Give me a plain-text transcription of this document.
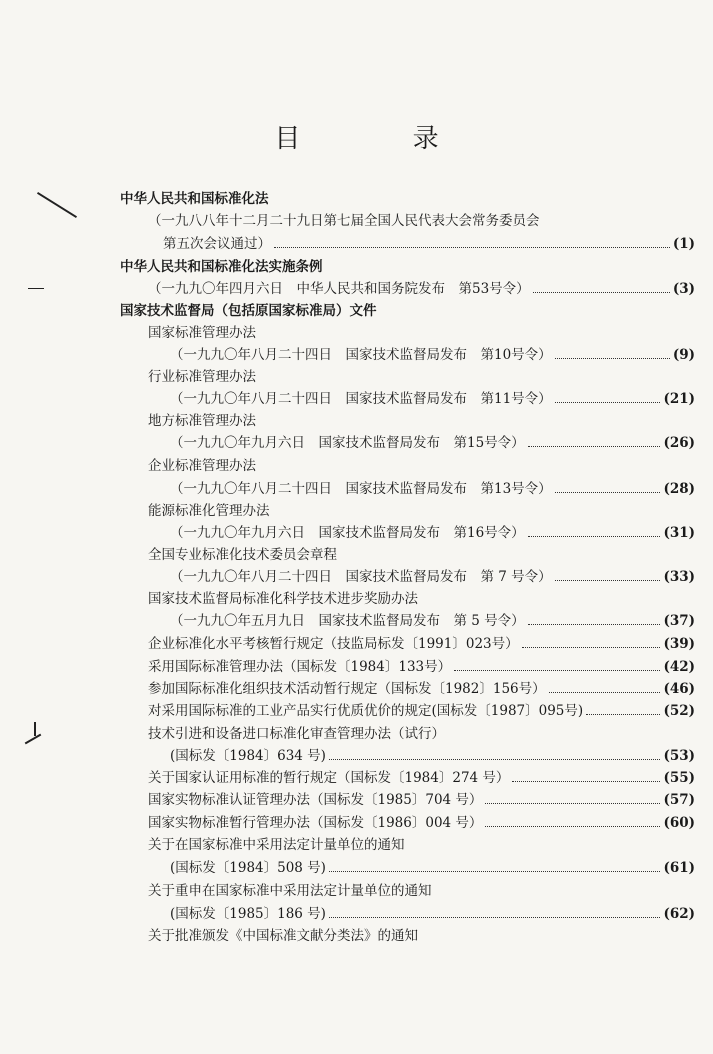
目 录
中华人民共和国标准化法
（一九八八年十二月二十九日第七届全国人民代表大会常务委员会
第五次会议通过）	(1)
中华人民共和国标准化法实施条例
（一九九〇年四月六日　中华人民共和国务院发布　第53号令）	(3)
国家技术监督局（包括原国家标准局）文件
国家标准管理办法
（一九九〇年八月二十四日　国家技术监督局发布　第10号令）	(9)
行业标准管理办法
（一九九〇年八月二十四日　国家技术监督局发布　第11号令）	(21)
地方标准管理办法
（一九九〇年九月六日　国家技术监督局发布　第15号令）	(26)
企业标准管理办法
（一九九〇年八月二十四日　国家技术监督局发布　第13号令）	(28)
能源标准化管理办法
（一九九〇年九月六日　国家技术监督局发布　第16号令）	(31)
全国专业标准化技术委员会章程
（一九九〇年八月二十四日　国家技术监督局发布　第 7 号令）	(33)
国家技术监督局标准化科学技术进步奖励办法
（一九九〇年五月九日　国家技术监督局发布　第 5 号令）	(37)
企业标准化水平考核暂行规定（技监局标发〔1991〕023号）	(39)
采用国际标准管理办法（国标发〔1984〕133号）	(42)
参加国际标准化组织技术活动暂行规定（国标发〔1982〕156号）	(46)
对采用国际标准的工业产品实行优质优价的规定(国标发〔1987〕095号)	(52)
技术引进和设备进口标准化审查管理办法（试行）
(国标发〔1984〕634 号)	(53)
关于国家认证用标准的暂行规定（国标发〔1984〕274 号）	(55)
国家实物标准认证管理办法（国标发〔1985〕704 号）	(57)
国家实物标准暂行管理办法（国标发〔1986〕004 号）	(60)
关于在国家标准中采用法定计量单位的通知
(国标发〔1984〕508 号)	(61)
关于重申在国家标准中采用法定计量单位的通知
(国标发〔1985〕186 号)	(62)
关于批准颁发《中国标准文献分类法》的通知
